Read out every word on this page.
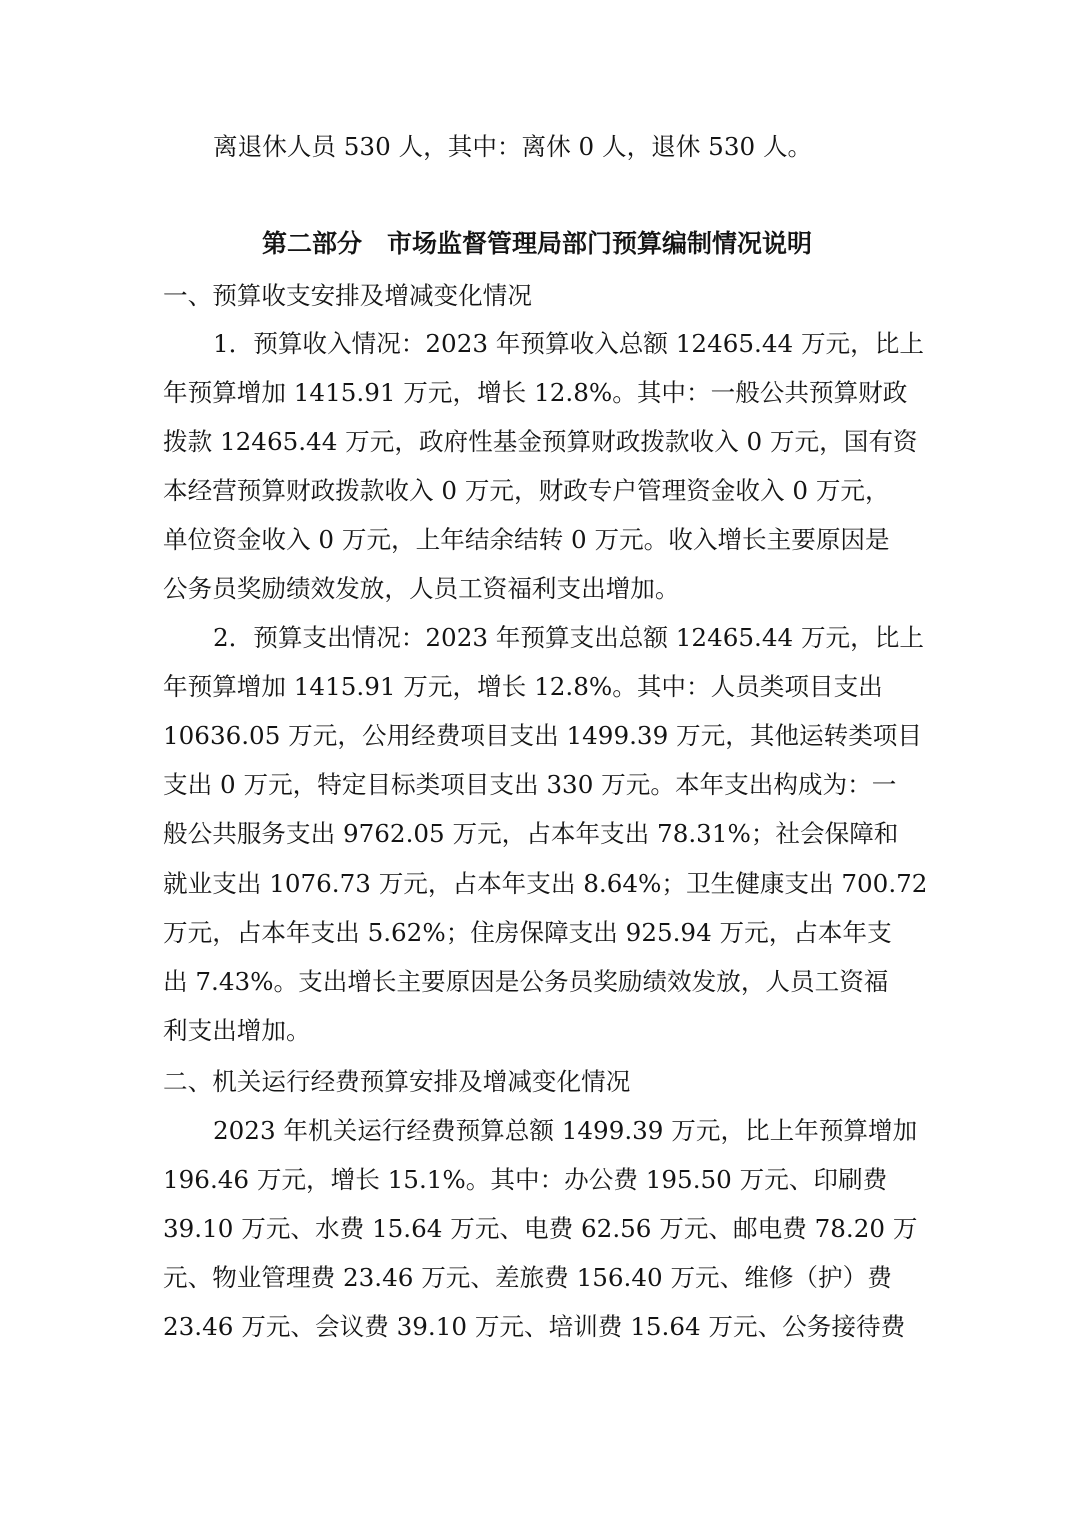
离退休人员 530 人，其中：离休 0 人，退休 530 人。
第二部分　市场监督管理局部门预算编制情况说明
一、预算收支安排及增减变化情况
1．预算收入情况：2023 年预算收入总额 12465.44 万元，比上
年预算增加 1415.91 万元，增长 12.8%。其中：一般公共预算财政
拨款 12465.44 万元，政府性基金预算财政拨款收入 0 万元，国有资
本经营预算财政拨款收入 0 万元，财政专户管理资金收入 0 万元，
单位资金收入 0 万元，上年结余结转 0 万元。收入增长主要原因是
公务员奖励绩效发放，人员工资福利支出增加。
2．预算支出情况：2023 年预算支出总额 12465.44 万元，比上
年预算增加 1415.91 万元，增长 12.8%。其中：人员类项目支出
10636.05 万元，公用经费项目支出 1499.39 万元，其他运转类项目
支出 0 万元，特定目标类项目支出 330 万元。本年支出构成为：一
般公共服务支出 9762.05 万元，占本年支出 78.31%；社会保障和
就业支出 1076.73 万元，占本年支出 8.64%；卫生健康支出 700.72
万元，占本年支出 5.62%；住房保障支出 925.94 万元，占本年支
出 7.43%。支出增长主要原因是公务员奖励绩效发放，人员工资福
利支出增加。
二、机关运行经费预算安排及增减变化情况
2023 年机关运行经费预算总额 1499.39 万元，比上年预算增加
196.46 万元，增长 15.1%。其中：办公费 195.50 万元、印刷费
39.10 万元、水费 15.64 万元、电费 62.56 万元、邮电费 78.20 万
元、物业管理费 23.46 万元、差旅费 156.40 万元、维修（护）费
23.46 万元、会议费 39.10 万元、培训费 15.64 万元、公务接待费
